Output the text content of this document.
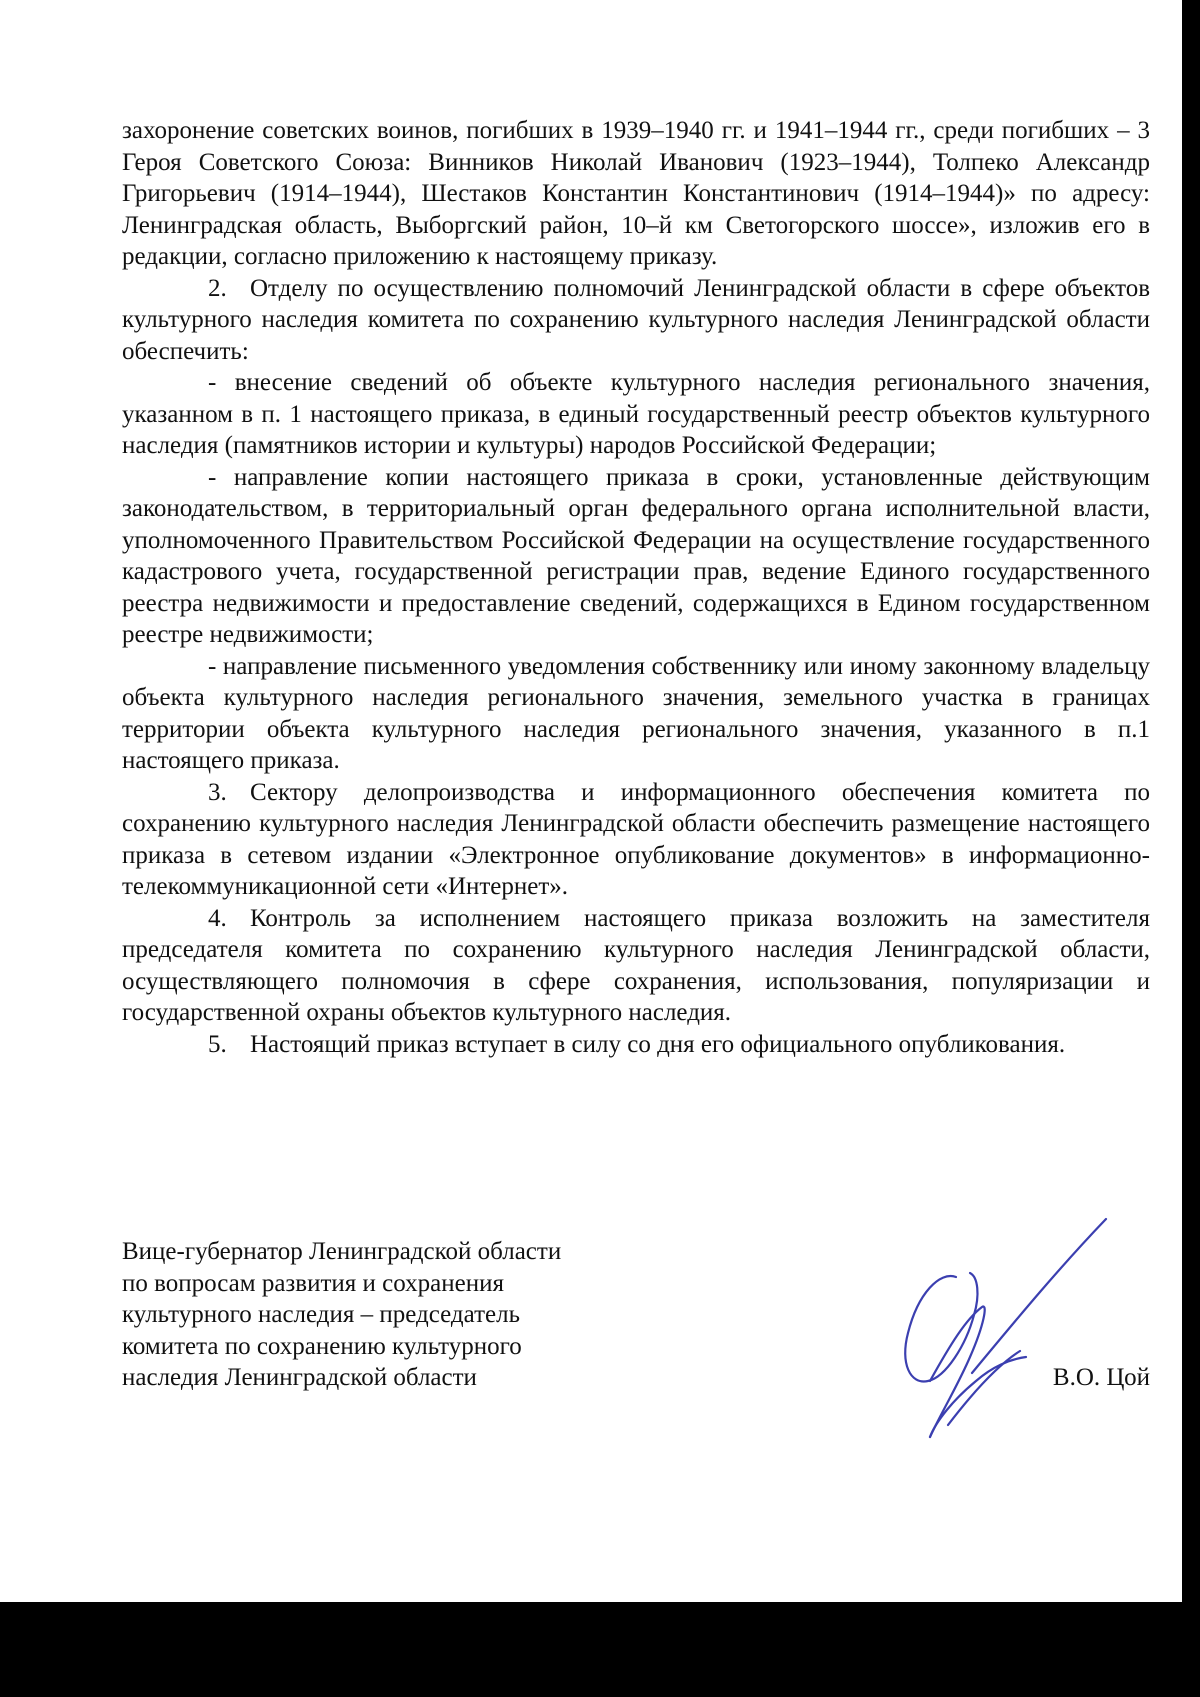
захоронение советских воинов, погибших в 1939–1940 гг. и 1941–1944 гг., среди погибших – 3 Героя Советского Союза: Винников Николай Иванович (1923–1944), Толпеко Александр Григорьевич (1914–1944), Шестаков Константин Константинович (1914–1944)» по адресу: Ленинградская область, Выборгский район, 10–й км Светогорского шоссе», изложив его в редакции, согласно приложению к настоящему приказу.

2. Отделу по осуществлению полномочий Ленинградской области в сфере объектов культурного наследия комитета по сохранению культурного наследия Ленинградской области обеспечить:

- внесение сведений об объекте культурного наследия регионального значения, указанном в п. 1 настоящего приказа, в единый государственный реестр объектов культурного наследия (памятников истории и культуры) народов Российской Федерации;

- направление копии настоящего приказа в сроки, установленные действующим законодательством, в территориальный орган федерального органа исполнительной власти, уполномоченного Правительством Российской Федерации на осуществление государственного кадастрового учета, государственной регистрации прав, ведение Единого государственного реестра недвижимости и предоставление сведений, содержащихся в Едином государственном реестре недвижимости;

- направление письменного уведомления собственнику или иному законному владельцу объекта культурного наследия регионального значения, земельного участка в границах территории объекта культурного наследия регионального значения, указанного в п.1 настоящего приказа.

3. Сектору делопроизводства и информационного обеспечения комитета по сохранению культурного наследия Ленинградской области обеспечить размещение настоящего приказа в сетевом издании «Электронное опубликование документов» в информационно-телекоммуникационной сети «Интернет».

4. Контроль за исполнением настоящего приказа возложить на заместителя председателя комитета по сохранению культурного наследия Ленинградской области, осуществляющего полномочия в сфере сохранения, использования, популяризации и государственной охраны объектов культурного наследия.

5. Настоящий приказ вступает в силу со дня его официального опубликования.

Вице-губернатор Ленинградской области
по вопросам развития и сохранения
культурного наследия – председатель
комитета по сохранению культурного
наследия Ленинградской области	В.О. Цой
